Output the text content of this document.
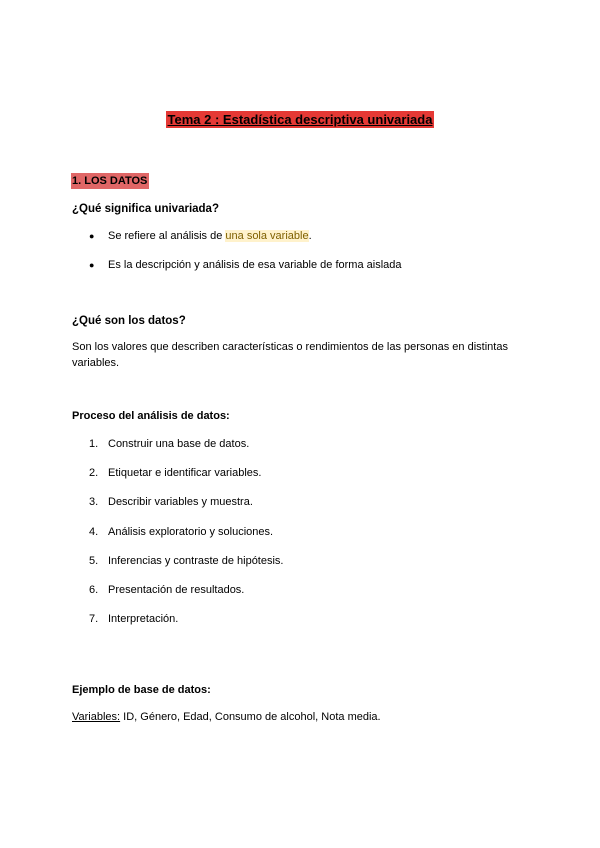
Tema 2 : Estadística descriptiva univariada
1. LOS DATOS
¿Qué significa univariada?
● Se refiere al análisis de una sola variable.
● Es la descripción y análisis de esa variable de forma aislada
¿Qué son los datos?
Son los valores que describen características o rendimientos de las personas en distintas variables.
Proceso del análisis de datos:
1. Construir una base de datos.
2. Etiquetar e identificar variables.
3. Describir variables y muestra.
4. Análisis exploratorio y soluciones.
5. Inferencias y contraste de hipótesis.
6. Presentación de resultados.
7. Interpretación.
Ejemplo de base de datos:
Variables: ID, Género, Edad, Consumo de alcohol, Nota media.
